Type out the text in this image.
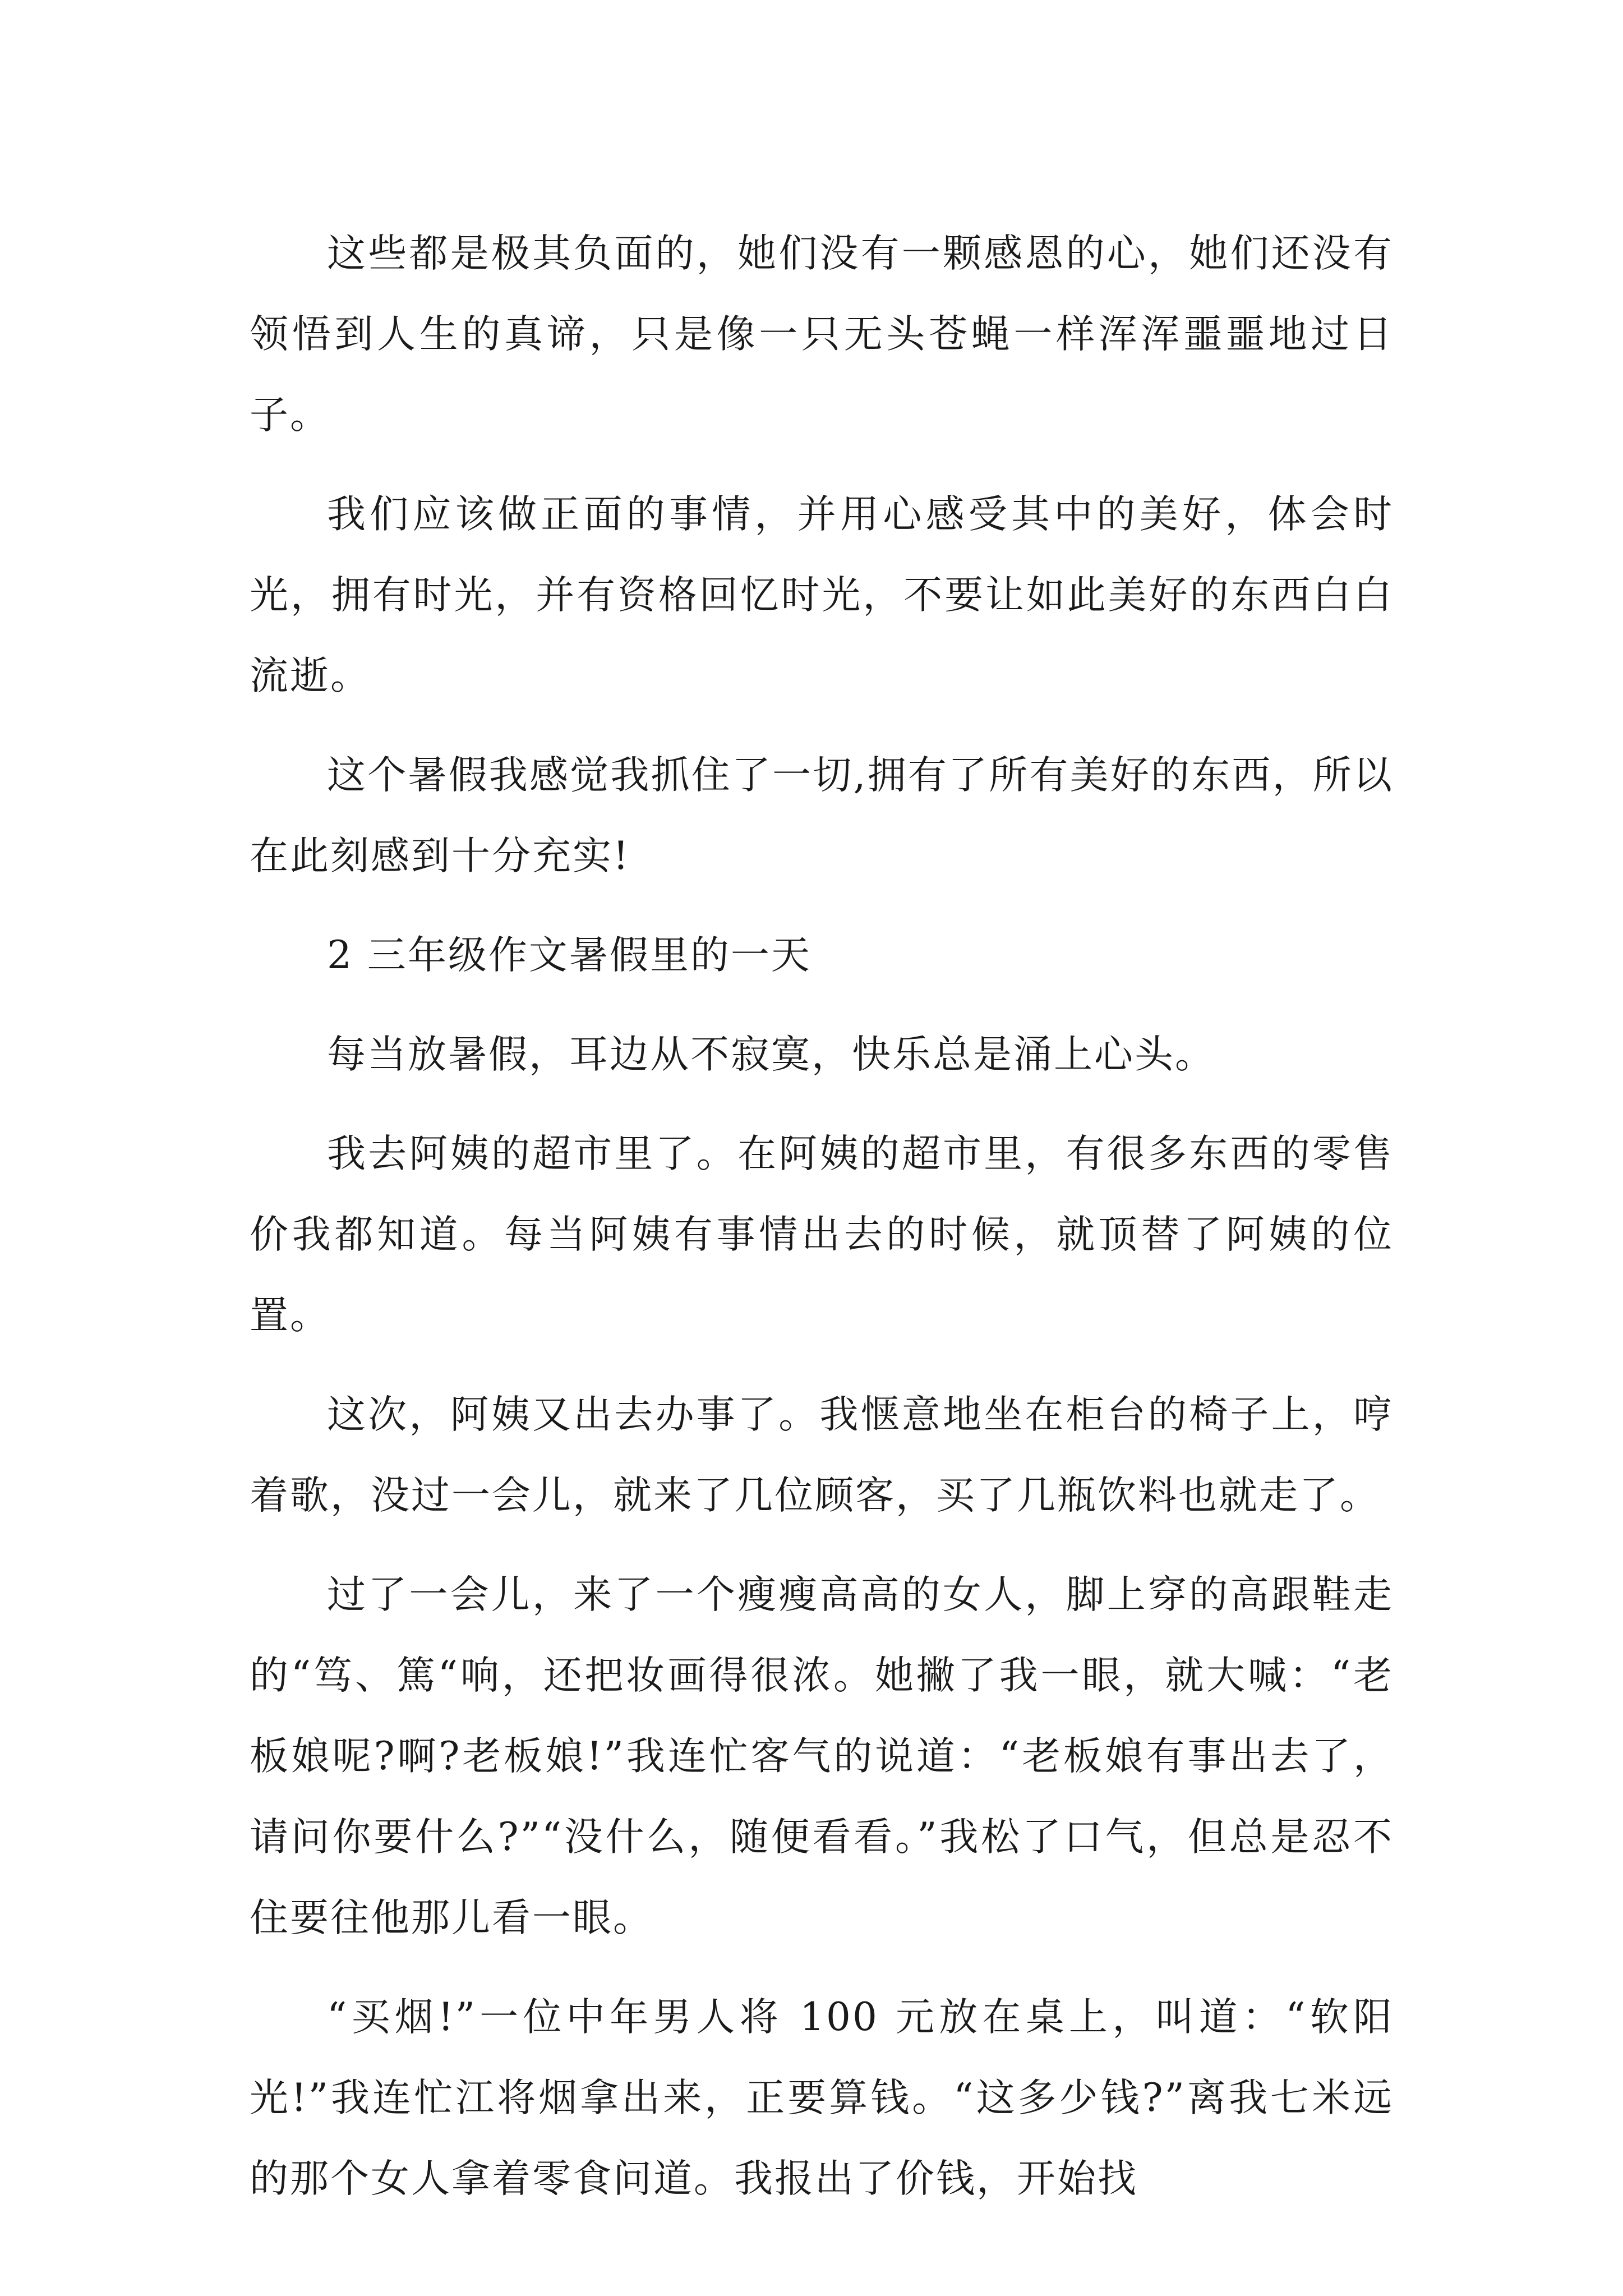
这些都是极其负面的，她们没有一颗感恩的心，她们还没有领悟到人生的真谛，只是像一只无头苍蝇一样浑浑噩噩地过日子。

我们应该做正面的事情，并用心感受其中的美好，体会时光，拥有时光，并有资格回忆时光，不要让如此美好的东西白白流逝。

这个暑假我感觉我抓住了一切,拥有了所有美好的东西，所以在此刻感到十分充实!

2 三年级作文暑假里的一天

每当放暑假，耳边从不寂寞，快乐总是涌上心头。

我去阿姨的超市里了。在阿姨的超市里，有很多东西的零售价我都知道。每当阿姨有事情出去的时候，就顶替了阿姨的位置。

这次，阿姨又出去办事了。我惬意地坐在柜台的椅子上，哼着歌，没过一会儿，就来了几位顾客，买了几瓶饮料也就走了。

过了一会儿，来了一个瘦瘦高高的女人，脚上穿的高跟鞋走的“笃、篤“响，还把妆画得很浓。她撇了我一眼，就大喊：“老板娘呢?啊?老板娘!”我连忙客气的说道：“老板娘有事出去了，请问你要什么?”“没什么，随便看看。”我松了口气，但总是忍不住要往他那儿看一眼。

“买烟!”一位中年男人将 100 元放在桌上，叫道：“软阳光!”我连忙江将烟拿出来，正要算钱。“这多少钱?”离我七米远的那个女人拿着零食问道。我报出了价钱，开始找
